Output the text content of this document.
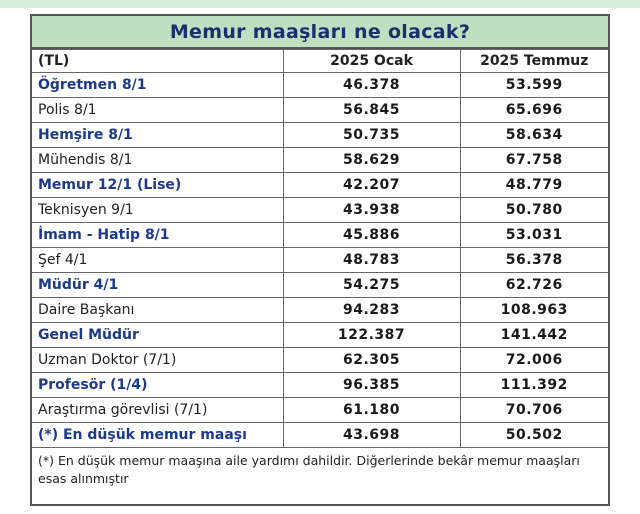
Memur maaşları ne olacak?
(TL)	2025 Ocak	2025 Temmuz
Öğretmen 8/1	46.378	53.599
Polis 8/1	56.845	65.696
Hemşire 8/1	50.735	58.634
Mühendis 8/1	58.629	67.758
Memur 12/1 (Lise)	42.207	48.779
Teknisyen 9/1	43.938	50.780
İmam - Hatip 8/1	45.886	53.031
Şef 4/1	48.783	56.378
Müdür 4/1	54.275	62.726
Daire Başkanı	94.283	108.963
Genel Müdür	122.387	141.442
Uzman Doktor (7/1)	62.305	72.006
Profesör (1/4)	96.385	111.392
Araştırma görevlisi (7/1)	61.180	70.706
(*) En düşük memur maaşı	43.698	50.502
(*) En düşük memur maaşına aile yardımı dahildir. Diğerlerinde bekâr memur maaşları esas alınmıştır
